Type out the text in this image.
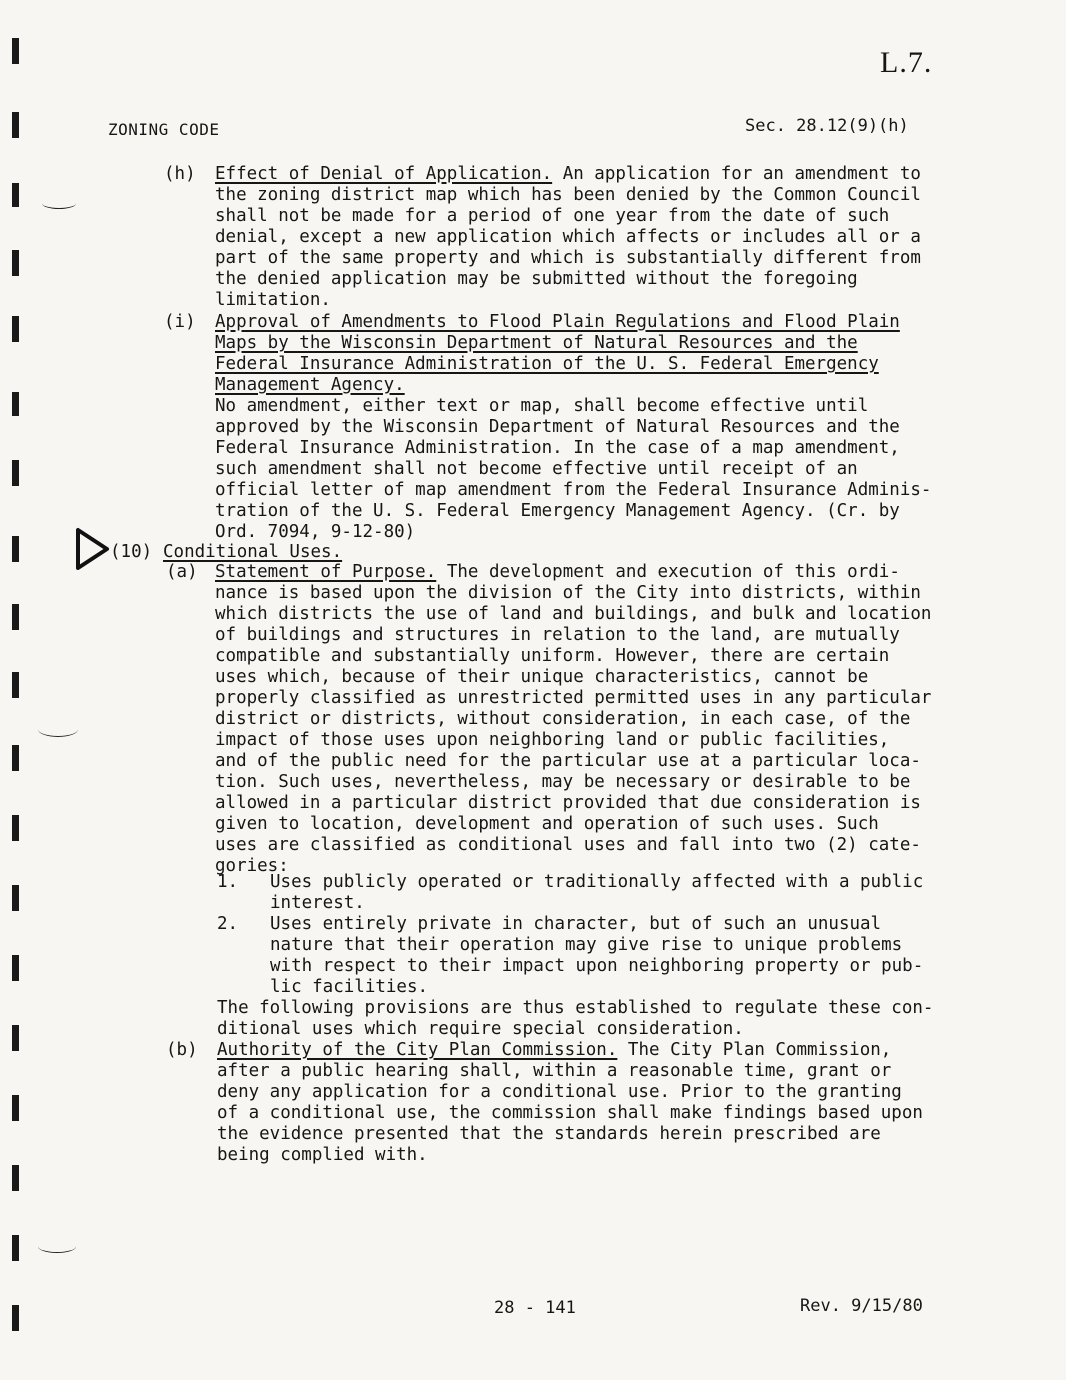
L.7.
ZONING CODE	Sec. 28.12(9)(h)
(h) Effect of Denial of Application. An application for an amendment to
the zoning district map which has been denied by the Common Council
shall not be made for a period of one year from the date of such
denial, except a new application which affects or includes all or a
part of the same property and which is substantially different from
the denied application may be submitted without the foregoing
limitation.
(i) Approval of Amendments to Flood Plain Regulations and Flood Plain
Maps by the Wisconsin Department of Natural Resources and the
Federal Insurance Administration of the U. S. Federal Emergency
Management Agency.
No amendment, either text or map, shall become effective until
approved by the Wisconsin Department of Natural Resources and the
Federal Insurance Administration. In the case of a map amendment,
such amendment shall not become effective until receipt of an
official letter of map amendment from the Federal Insurance Adminis-
tration of the U. S. Federal Emergency Management Agency. (Cr. by
Ord. 7094, 9-12-80)
(10) Conditional Uses.
(a) Statement of Purpose. The development and execution of this ordi-
nance is based upon the division of the City into districts, within
which districts the use of land and buildings, and bulk and location
of buildings and structures in relation to the land, are mutually
compatible and substantially uniform. However, there are certain
uses which, because of their unique characteristics, cannot be
properly classified as unrestricted permitted uses in any particular
district or districts, without consideration, in each case, of the
impact of those uses upon neighboring land or public facilities,
and of the public need for the particular use at a particular loca-
tion. Such uses, nevertheless, may be necessary or desirable to be
allowed in a particular district provided that due consideration is
given to location, development and operation of such uses. Such
uses are classified as conditional uses and fall into two (2) cate-
gories:
1. Uses publicly operated or traditionally affected with a public
interest.
2. Uses entirely private in character, but of such an unusual
nature that their operation may give rise to unique problems
with respect to their impact upon neighboring property or pub-
lic facilities.
The following provisions are thus established to regulate these con-
ditional uses which require special consideration.
(b) Authority of the City Plan Commission. The City Plan Commission,
after a public hearing shall, within a reasonable time, grant or
deny any application for a conditional use. Prior to the granting
of a conditional use, the commission shall make findings based upon
the evidence presented that the standards herein prescribed are
being complied with.
28 - 141	Rev. 9/15/80
